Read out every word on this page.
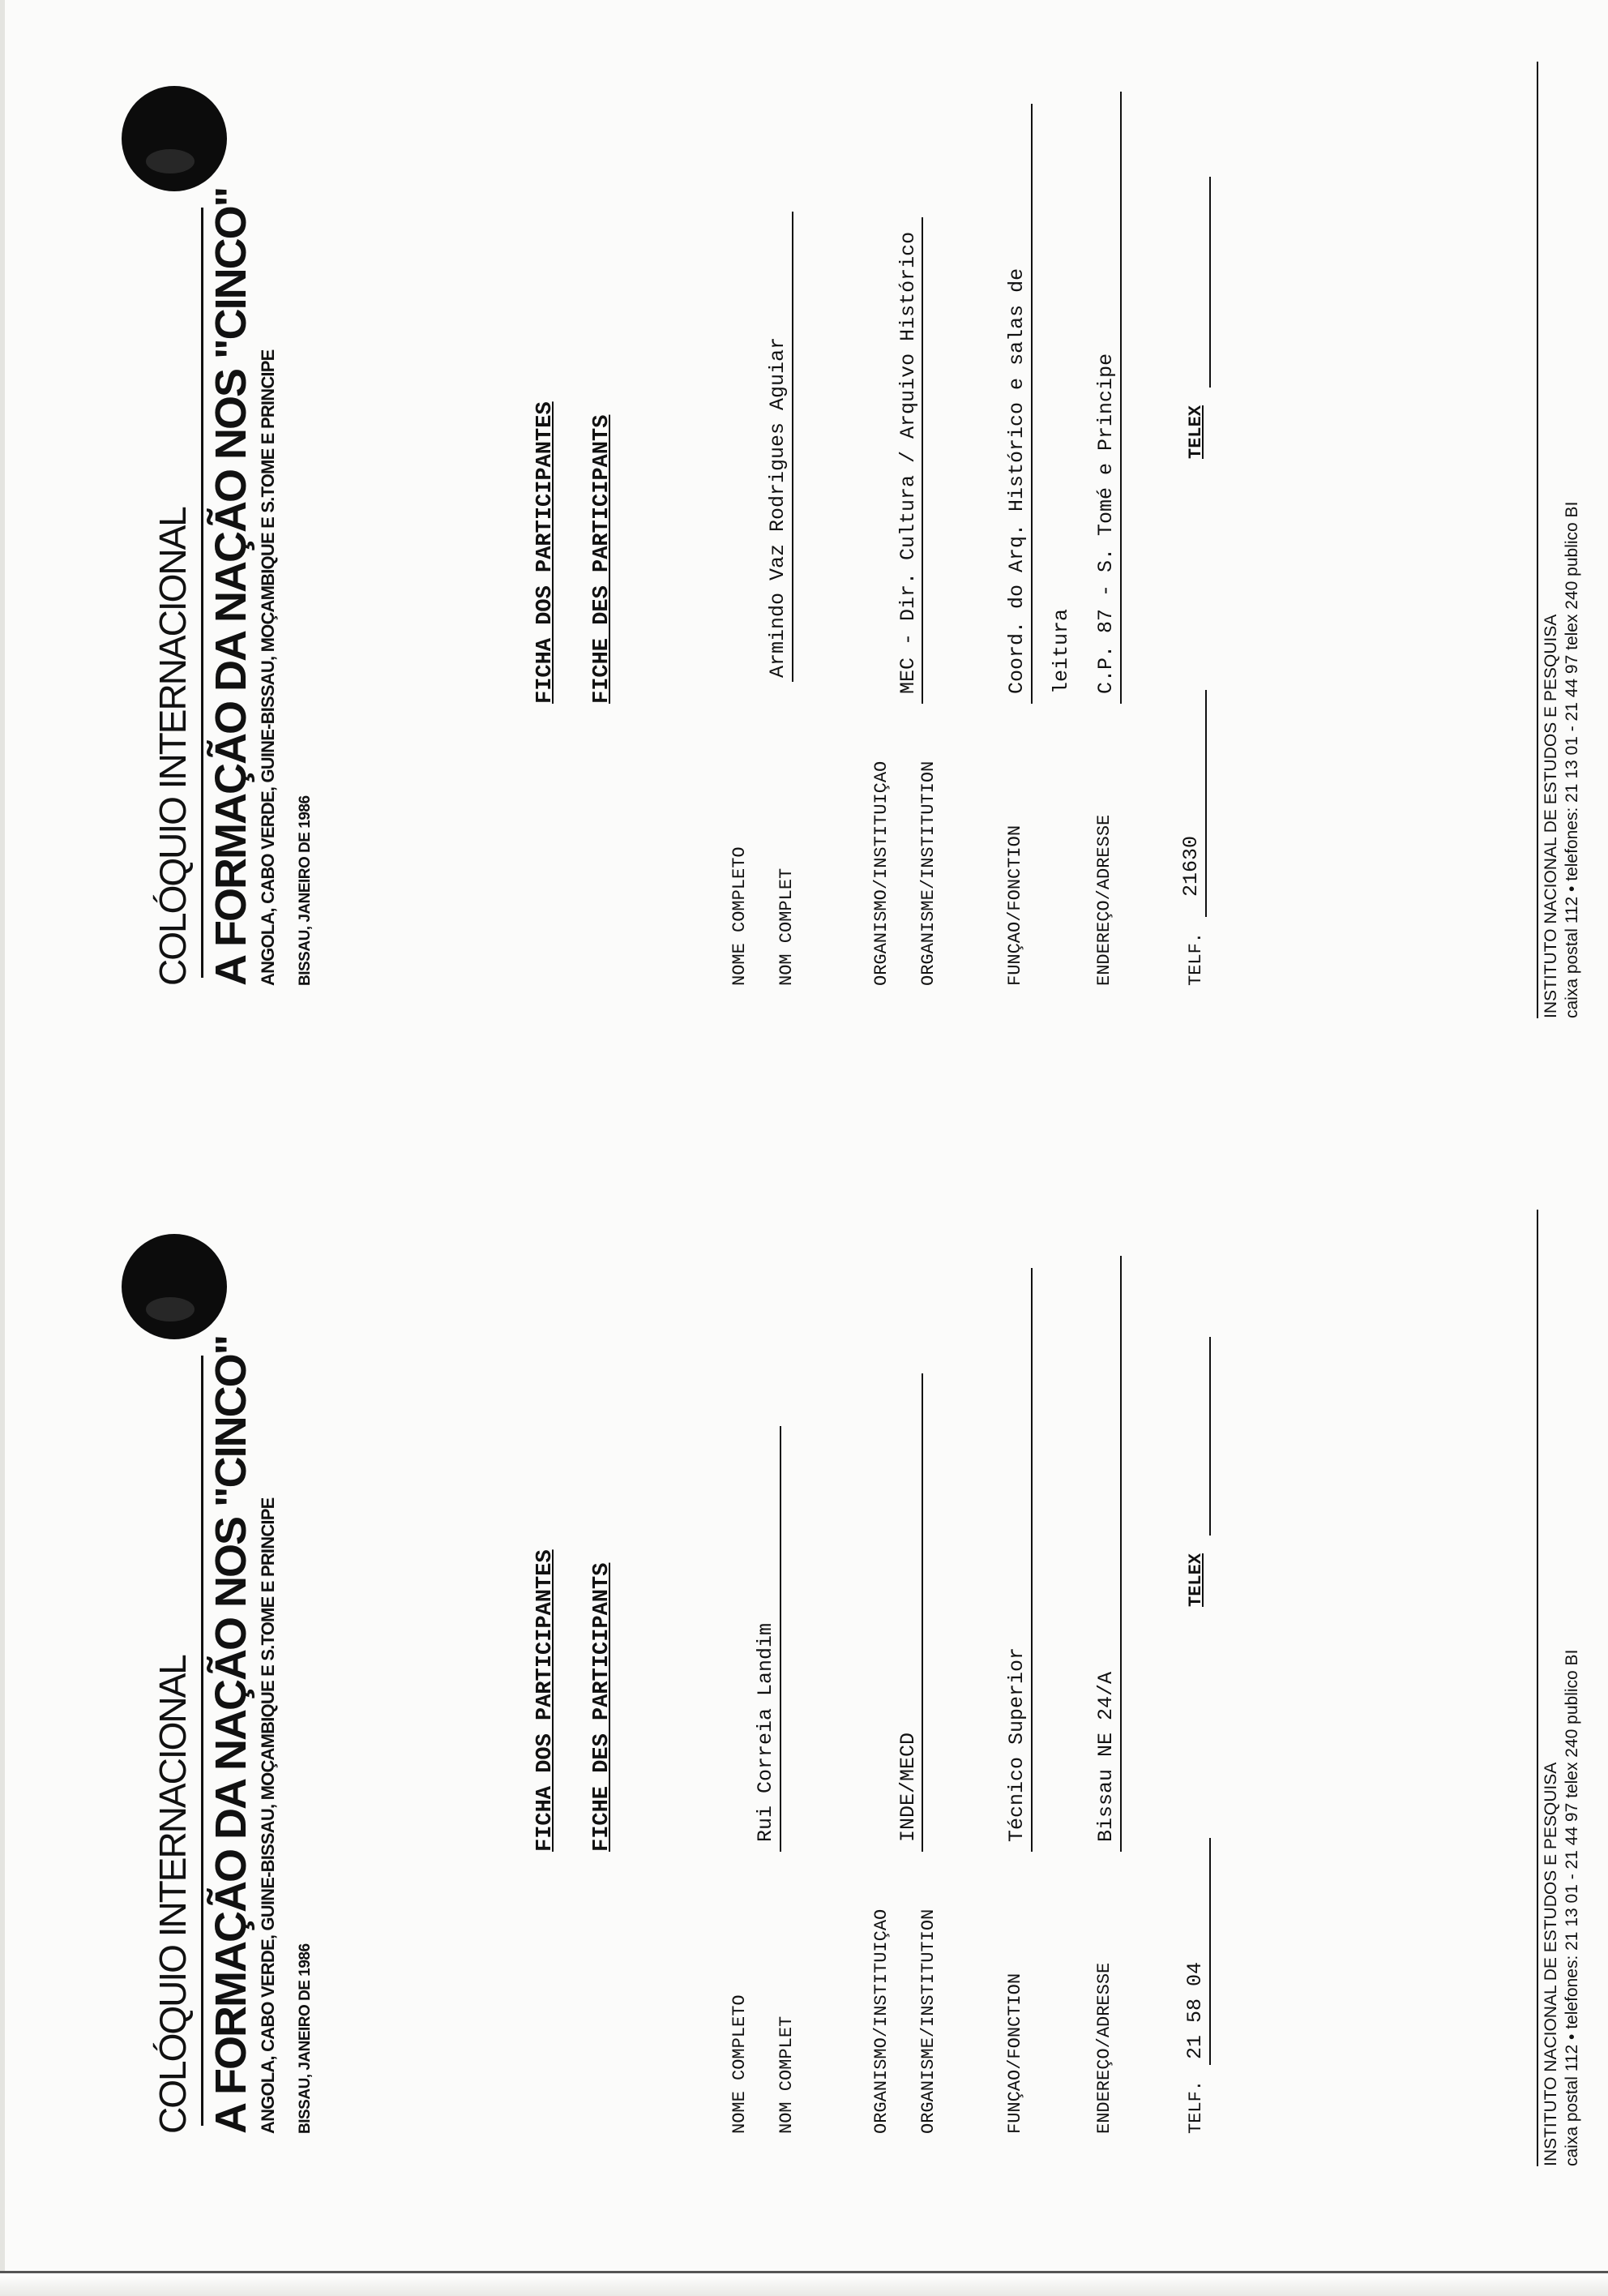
COLÓQUIO INTERNACIONAL A FORMAÇÃO DA NAÇÃO NOS "CINCO" ANGOLA, CABO VERDE, GUINE-BISSAU, MOÇAMBIQUE E S.TOME E PRINCIPE BISSAU, JANEIRO DE 1986
FICHA DOS PARTICIPANTES FICHE DES PARTICIPANTS
NOME COMPLETO NOM COMPLET
Rui Correia Landim
ORGANISMO/INSTITUIÇAO ORGANISME/INSTITUTION
INDE/MECD
FUNÇAO/FONCTION
Técnico Superior
ENDEREÇO/ADRESSE
Bissau NE 24/A
TELF.
21 58 04
TELEX
INSTITUTO NACIONAL DE ESTUDOS E PESQUISA caixa postal 112 • telefones: 21 13 01 - 21 44 97 telex 240 publico BI
COLÓQUIO INTERNACIONAL A FORMAÇÃO DA NAÇÃO NOS "CINCO" ANGOLA, CABO VERDE, GUINE-BISSAU, MOÇAMBIQUE E S.TOME E PRINCIPE BISSAU, JANEIRO DE 1986
FICHA DOS PARTICIPANTES FICHE DES PARTICIPANTS
NOME COMPLETO NOM COMPLET
Armindo Vaz Rodrigues Aguiar
ORGANISMO/INSTITUIÇAO ORGANISME/INSTITUTION
MEC - Dir. Cultura / Arquivo Histórico
FUNÇAO/FONCTION
Coord. do Arq. Histórico e salas de leitura
ENDEREÇO/ADRESSE
C.P. 87 - S. Tomé e Principe
TELF.
21630
TELEX
INSTITUTO NACIONAL DE ESTUDOS E PESQUISA caixa postal 112 • telefones: 21 13 01 - 21 44 97 telex 240 publico BI
